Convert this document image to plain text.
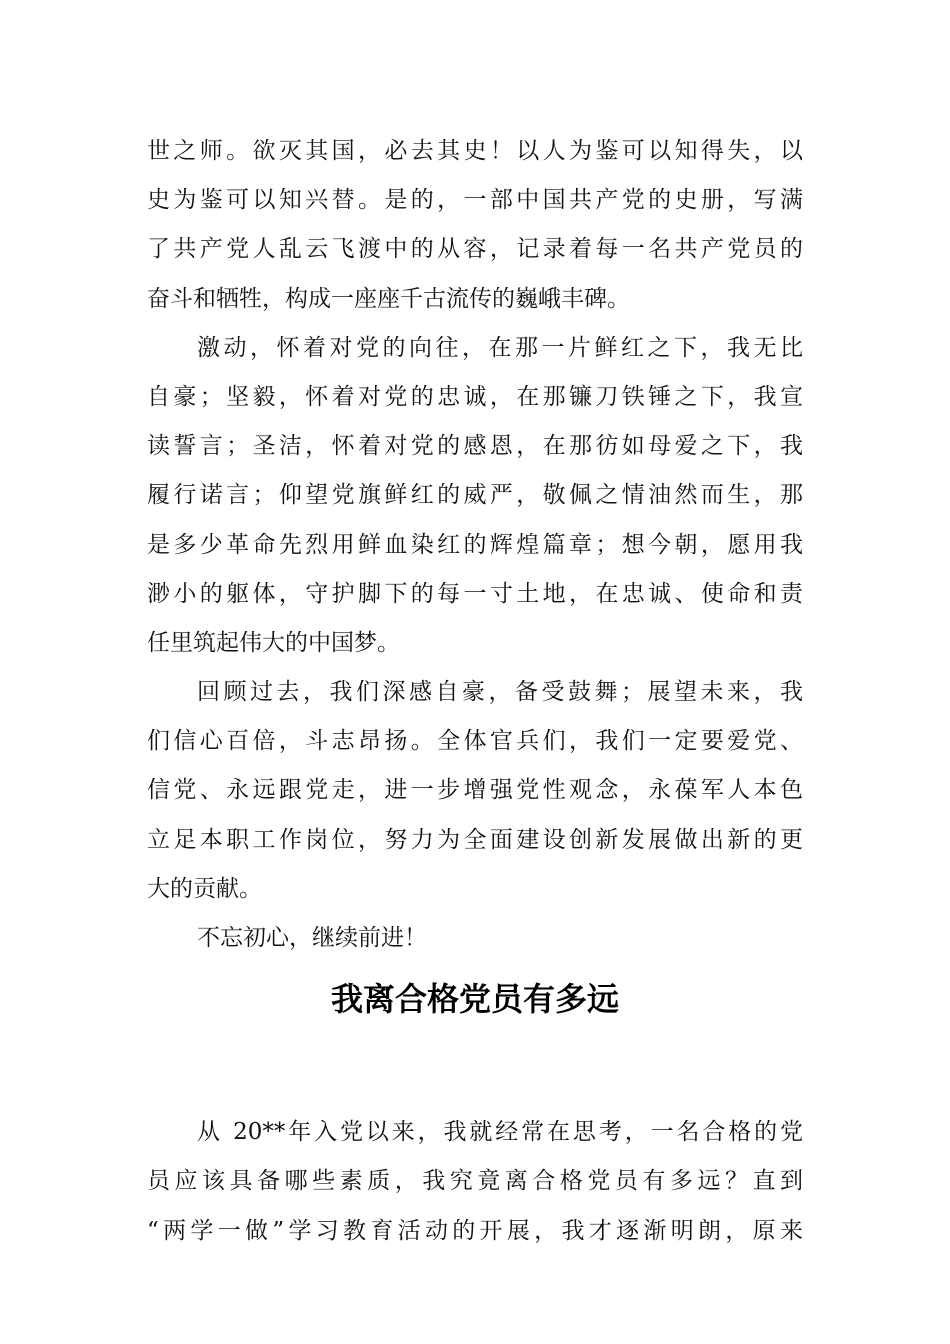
世之师。欲灭其国，必去其史！以人为鉴可以知得失，以
史为鉴可以知兴替。是的，一部中国共产党的史册，写满
了共产党人乱云飞渡中的从容，记录着每一名共产党员的
奋斗和牺牲，构成一座座千古流传的巍峨丰碑。
激动，怀着对党的向往，在那一片鲜红之下，我无比
自豪；坚毅，怀着对党的忠诚，在那镰刀铁锤之下，我宣
读誓言；圣洁，怀着对党的感恩，在那彷如母爱之下，我
履行诺言；仰望党旗鲜红的威严，敬佩之情油然而生，那
是多少革命先烈用鲜血染红的辉煌篇章；想今朝，愿用我
渺小的躯体，守护脚下的每一寸土地，在忠诚、使命和责
任里筑起伟大的中国梦。
回顾过去，我们深感自豪，备受鼓舞；展望未来，我
们信心百倍，斗志昂扬。全体官兵们，我们一定要爱党、
信党、永远跟党走，进一步增强党性观念，永葆军人本色
立足本职工作岗位，努力为全面建设创新发展做出新的更
大的贡献。
不忘初心，继续前进！
我离合格党员有多远
从 20**年入党以来，我就经常在思考，一名合格的党
员应该具备哪些素质，我究竟离合格党员有多远？直到
“两学一做”学习教育活动的开展，我才逐渐明朗，原来
